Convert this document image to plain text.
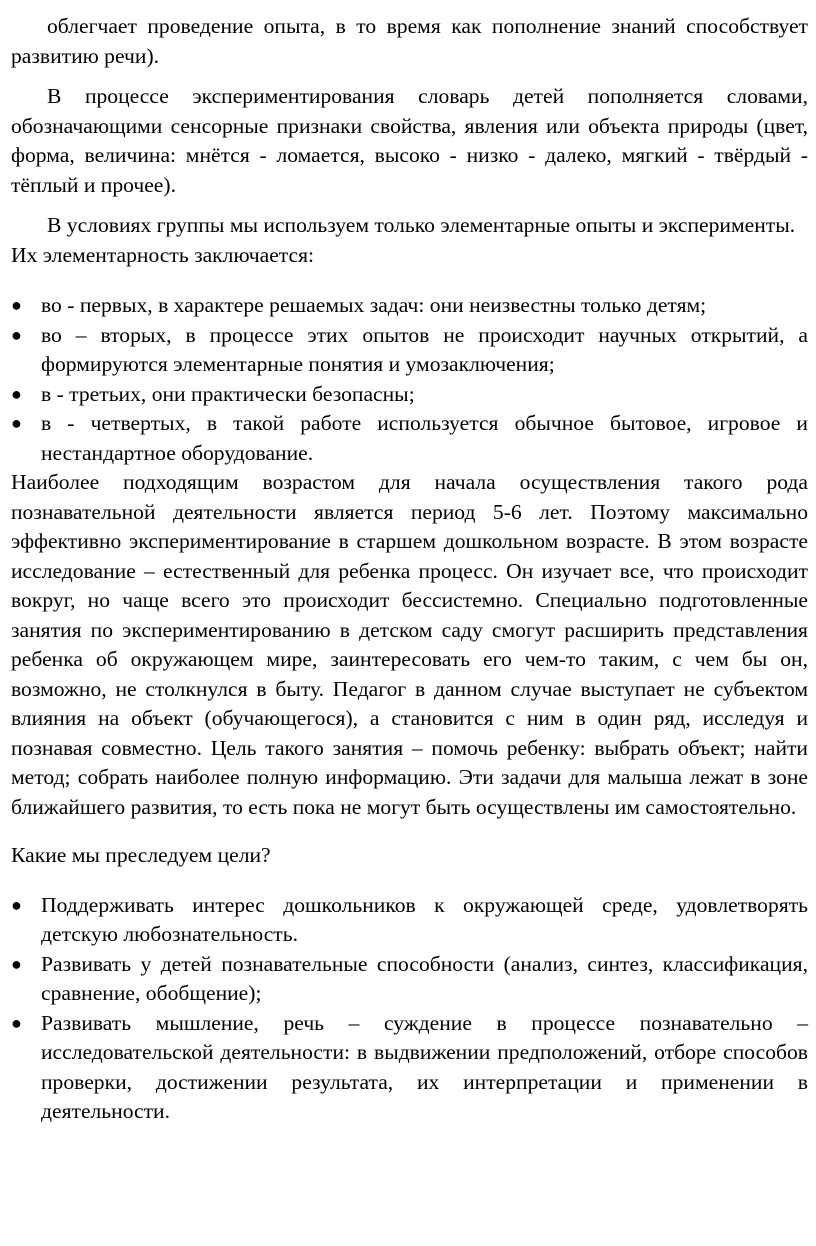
облегчает проведение опыта, в то время как пополнение знаний способствует развитию речи).

В процессе экспериментирования словарь детей пополняется словами, обозначающими сенсорные признаки свойства, явления или объекта природы (цвет, форма, величина: мнётся - ломается, высоко - низко - далеко, мягкий - твёрдый - тёплый и прочее).

В условиях группы мы используем только элементарные опыты и эксперименты.

Их элементарность заключается:

● во - первых, в характере решаемых задач: они неизвестны только детям;
● во – вторых, в процессе этих опытов не происходит научных открытий, а формируются элементарные понятия и умозаключения;
● в - третьих, они практически безопасны;
● в - четвертых, в такой работе используется обычное бытовое, игровое и нестандартное оборудование.

Наиболее подходящим возрастом для начала осуществления такого рода познавательной деятельности является период 5-6 лет. Поэтому максимально эффективно экспериментирование в старшем дошкольном возрасте. В этом возрасте исследование – естественный для ребенка процесс. Он изучает все, что происходит вокруг, но чаще всего это происходит бессистемно. Специально подготовленные занятия по экспериментированию в детском саду смогут расширить представления ребенка об окружающем мире, заинтересовать его чем-то таким, с чем бы он, возможно, не столкнулся в быту. Педагог в данном случае выступает не субъектом влияния на объект (обучающегося), а становится с ним в один ряд, исследуя и познавая совместно. Цель такого занятия – помочь ребенку: выбрать объект; найти метод; собрать наиболее полную информацию. Эти задачи для малыша лежат в зоне ближайшего развития, то есть пока не могут быть осуществлены им самостоятельно.

Какие мы преследуем цели?

● Поддерживать интерес дошкольников к окружающей среде, удовлетворять детскую любознательность.
● Развивать у детей познавательные способности (анализ, синтез, классификация, сравнение, обобщение);
● Развивать мышление, речь – суждение в процессе познавательно – исследовательской деятельности: в выдвижении предположений, отборе способов проверки, достижении результата, их интерпретации и применении в деятельности.
